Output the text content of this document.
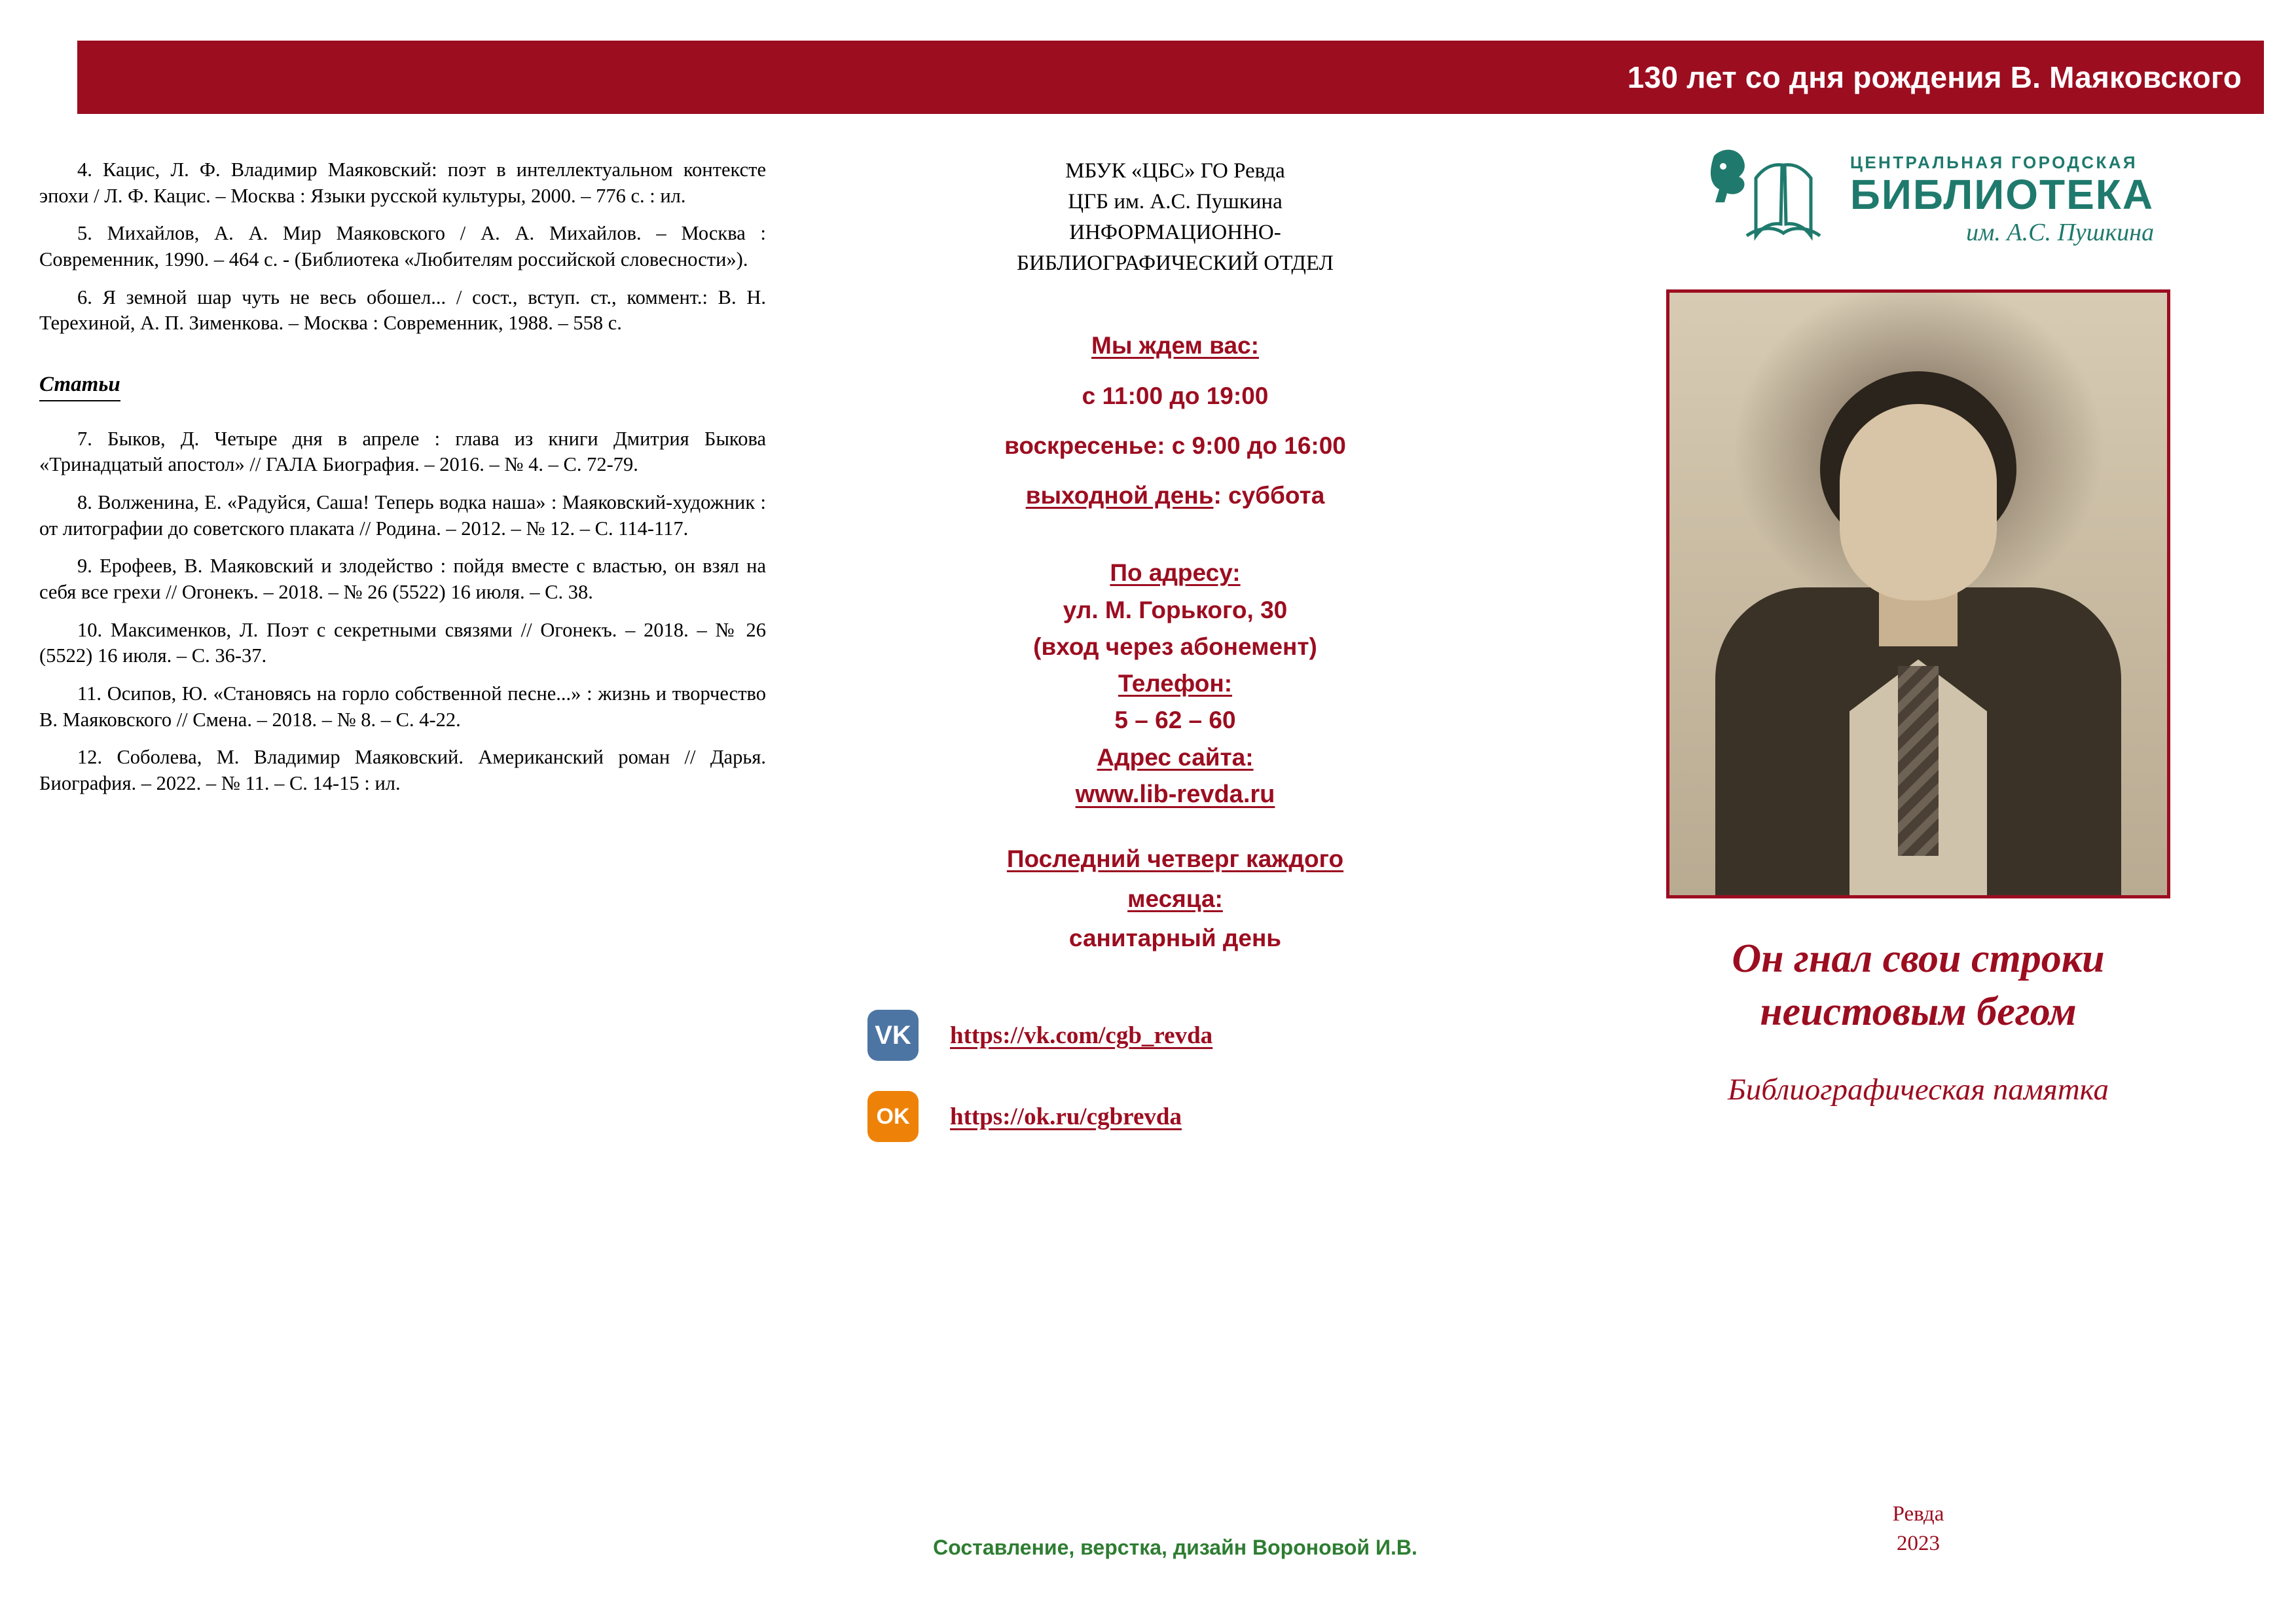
130 лет со дня рождения В. Маяковского

4. Кацис, Л. Ф. Владимир Маяковский: поэт в интеллектуальном контексте эпохи / Л. Ф. Кацис. – Москва : Языки русской культуры, 2000. – 776 с. : ил.

5. Михайлов, А. А. Мир Маяковского / А. А. Михайлов. – Москва : Современник, 1990. – 464 с. - (Библиотека «Любителям российской словесности»).

6. Я земной шар чуть не весь обошел... / сост., вступ. ст., коммент.: В. Н. Терехиной, А. П. Зименкова. – Москва : Современник, 1988. – 558 с.

Статьи

7. Быков, Д. Четыре дня в апреле : глава из книги Дмитрия Быкова «Тринадцатый апостол» // ГАЛА Биография. – 2016. – № 4. – С. 72-79.

8. Волженина, Е. «Радуйся, Саша! Теперь водка наша» : Маяковский-художник : от литографии до советского плаката // Родина. – 2012. – № 12. – С. 114-117.

9. Ерофеев, В. Маяковский и злодейство : пойдя вместе с властью, он взял на себя все грехи // Огонекъ. – 2018. – № 26 (5522) 16 июля. – С. 38.

10. Максименков, Л. Поэт с секретными связями // Огонекъ. – 2018. – № 26 (5522) 16 июля. – С. 36-37.

11. Осипов, Ю. «Становясь на горло собственной песне...» : жизнь и творчество В. Маяковского // Смена. – 2018. – № 8. – С. 4-22.

12. Соболева, М. Владимир Маяковский. Американский роман // Дарья. Биография. – 2022. – № 11. – С. 14-15 : ил.

МБУК «ЦБС» ГО Ревда
ЦГБ им. А.С. Пушкина
ИНФОРМАЦИОННО-
БИБЛИОГРАФИЧЕСКИЙ ОТДЕЛ
Мы ждем вас:
с 11:00 до 19:00
воскресенье: с 9:00 до 16:00
выходной день: суббота
По адресу:
ул. М. Горького, 30
(вход через абонемент)
Телефон:
5 – 62 – 60
Адрес сайта:
www.lib-revda.ru
Последний четверг каждого
месяца:
санитарный день
VK	https://vk.com/cgb_revda
OK	https://ok.ru/cgbrevda
Составление, верстка, дизайн Вороновой И.В.
ЦЕНТРАЛЬНАЯ ГОРОДСКАЯ
БИБЛИОТЕКА
им. А.С. Пушкина
Он гнал свои строки
неистовым бегом
Библиографическая памятка
Ревда
2023
